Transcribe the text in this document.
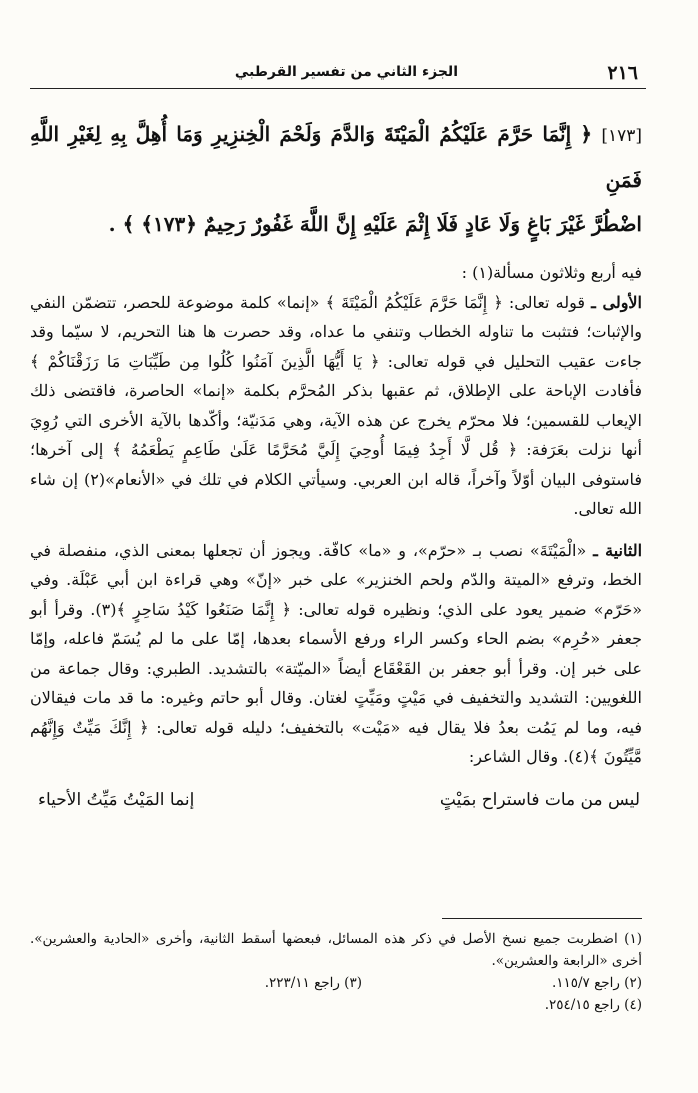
٢١٦
الجزء الثاني من تفسير القرطبي

[١٧٣] ﴿ إِنَّمَا حَرَّمَ عَلَيْكُمُ الْمَيْتَةَ وَالدَّمَ وَلَحْمَ الْخِنزِيرِ وَمَا أُهِلَّ بِهِ لِغَيْرِ اللَّهِ فَمَنِ

اضْطُرَّ غَيْرَ بَاغٍ وَلَا عَادٍ فَلَا إِثْمَ عَلَيْهِ إِنَّ اللَّهَ غَفُورٌ رَحِيمٌ ﴿١٧٣﴾ ﴾ .

فيه أربع وثلاثون مسألة(١) :

الأولى ـ قوله تعالى: ﴿ إِنَّمَا حَرَّمَ عَلَيْكُمُ الْمَيْتَةَ ﴾ «إنما» كلمة موضوعة للحصر، تتضمّن النفي والإثبات؛ فتثبت ما تناوله الخطاب وتنفي ما عداه، وقد حصرت ها هنا التحريم، لا سيّما وقد جاءت عقيب التحليل في قوله تعالى: ﴿ يَا أَيُّهَا الَّذِينَ آمَنُوا كُلُوا مِن طَيِّبَاتِ مَا رَزَقْنَاكُمْ ﴾ فأفادت الإباحة على الإطلاق، ثم عقبها بذكر المُحرَّم بكلمة «إنما» الحاصرة، فاقتضى ذلك الإيعاب للقسمين؛ فلا محرّم يخرج عن هذه الآية، وهي مَدَنيّة؛ وأكّدها بالآية الأخرى التي رُوِيَ أنها نزلت بعَرَفة: ﴿ قُل لَّا أَجِدُ فِيمَا أُوحِيَ إِلَيَّ مُحَرَّمًا عَلَىٰ طَاعِمٍ يَطْعَمُهُ ﴾ إلى آخرها؛ فاستوفى البيان أوّلاً وآخراً، قاله ابن العربي. وسيأتي الكلام في تلك في «الأنعام»(٢) إن شاء الله تعالى.

الثانية ـ «الْمَيْتَةَ» نصب بـ «حرّم»، و «ما» كافّة. ويجوز أن تجعلها بمعنى الذي، منفصلة في الخط، وترفع «الميتة والدّم ولحم الخنزير» على خبر «إنّ» وهي قراءة ابن أبي عَبْلَة. وفي «حَرّم» ضمير يعود على الذي؛ ونظيره قوله تعالى: ﴿ إِنَّمَا صَنَعُوا كَيْدُ سَاحِرٍ ﴾(٣). وقرأ أبو جعفر «حُرِم» بضم الحاء وكسر الراء ورفع الأسماء بعدها، إمّا على ما لم يُسَمّ فاعله، وإمّا على خبر إن. وقرأ أبو جعفر بن القَعْقَاع أيضاً «الميّتة» بالتشديد. الطبري: وقال جماعة من اللغويين: التشديد والتخفيف في مَيْتٍ ومَيِّتٍ لغتان. وقال أبو حاتم وغيره: ما قد مات فيقالان فيه، وما لم يَمُت بعدُ فلا يقال فيه «مَيْت» بالتخفيف؛ دليله قوله تعالى: ﴿ إِنَّكَ مَيِّتٌ وَإِنَّهُم مَّيِّتُونَ ﴾(٤). وقال الشاعر:

ليس من مات فاستراح بمَيْتٍ
إنما المَيْتُ مَيِّتُ الأحياء

(١) اضطربت جميع نسخ الأصل في ذكر هذه المسائل، فبعضها أسقط الثانية، وأخرى «الحادية والعشرين». أخرى «الرابعة والعشرين».

(٢) راجع ١١٥/٧.
(٣) راجع ٢٢٣/١١.

(٤) راجع ٢٥٤/١٥.
